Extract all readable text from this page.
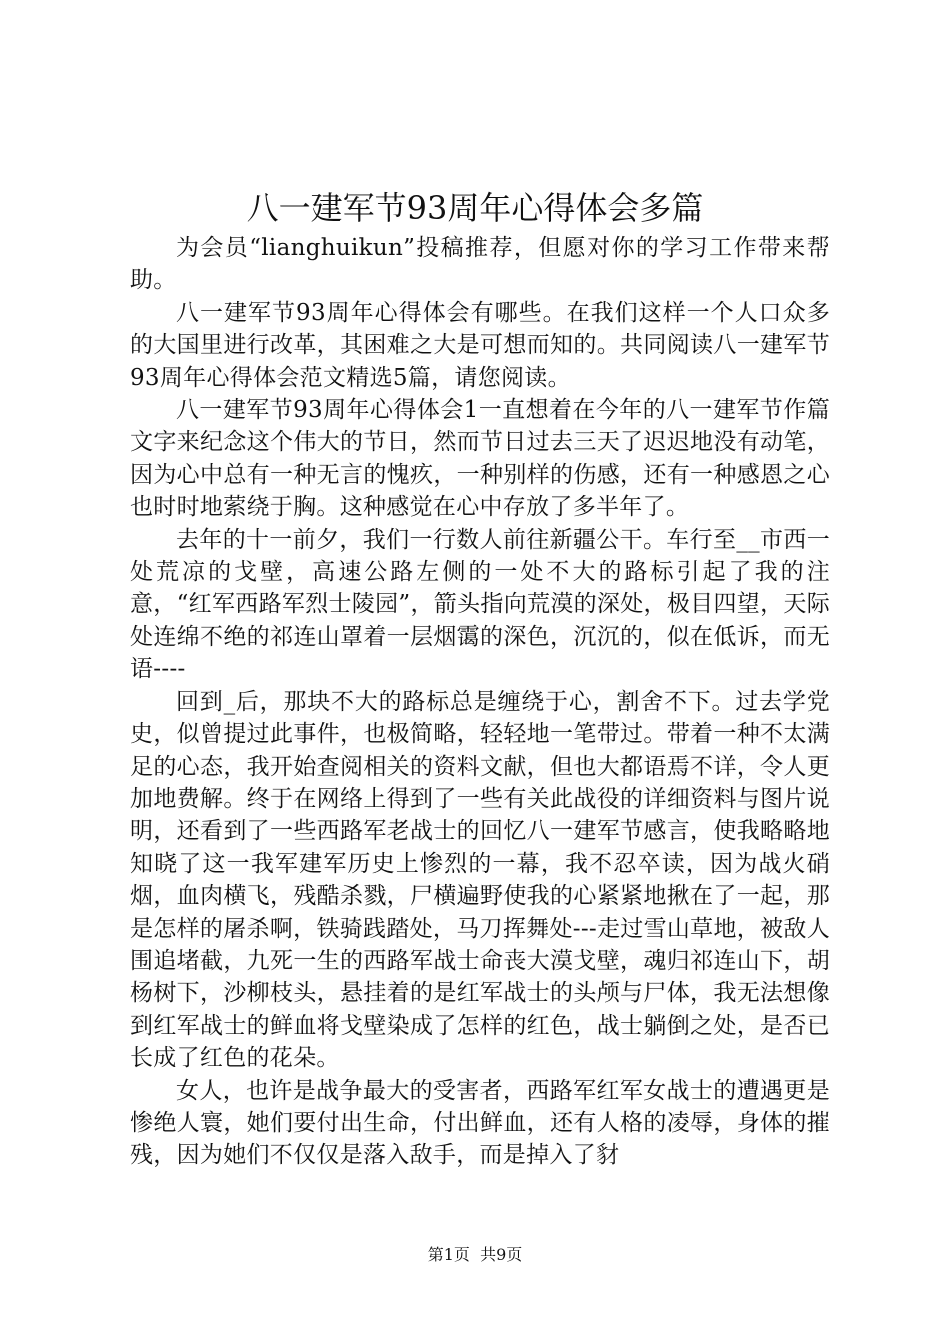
八一建军节93周年心得体会多篇

为会员“lianghuikun”投稿推荐，但愿对你的学习工作带来帮助。

八一建军节93周年心得体会有哪些。在我们这样一个人口众多的大国里进行改革，其困难之大是可想而知的。共同阅读八一建军节93周年心得体会范文精选5篇，请您阅读。

八一建军节93周年心得体会1一直想着在今年的八一建军节作篇文字来纪念这个伟大的节日，然而节日过去三天了迟迟地没有动笔，因为心中总有一种无言的愧疚，一种别样的伤感，还有一种感恩之心也时时地萦绕于胸。这种感觉在心中存放了多半年了。

去年的十一前夕，我们一行数人前往新疆公干。车行至__市西一处荒凉的戈壁，高速公路左侧的一处不大的路标引起了我的注意，“红军西路军烈士陵园”，箭头指向荒漠的深处，极目四望，天际处连绵不绝的祁连山罩着一层烟霭的深色，沉沉的，似在低诉，而无语----

回到_后，那块不大的路标总是缠绕于心，割舍不下。过去学党史，似曾提过此事件，也极简略，轻轻地一笔带过。带着一种不太满足的心态，我开始查阅相关的资料文献，但也大都语焉不详，令人更加地费解。终于在网络上得到了一些有关此战役的详细资料与图片说明，还看到了一些西路军老战士的回忆八一建军节感言，使我略略地知晓了这一我军建军历史上惨烈的一幕，我不忍卒读，因为战火硝烟，血肉横飞，残酷杀戮，尸横遍野使我的心紧紧地揪在了一起，那是怎样的屠杀啊，铁骑践踏处，马刀挥舞处---走过雪山草地，被敌人围追堵截，九死一生的西路军战士命丧大漠戈壁，魂归祁连山下，胡杨树下，沙柳枝头，悬挂着的是红军战士的头颅与尸体，我无法想像到红军战士的鲜血将戈壁染成了怎样的红色，战士躺倒之处，是否已长成了红色的花朵。

女人，也许是战争最大的受害者，西路军红军女战士的遭遇更是惨绝人寰，她们要付出生命，付出鲜血，还有人格的凌辱，身体的摧残，因为她们不仅仅是落入敌手，而是掉入了豺

第1页 共9页
